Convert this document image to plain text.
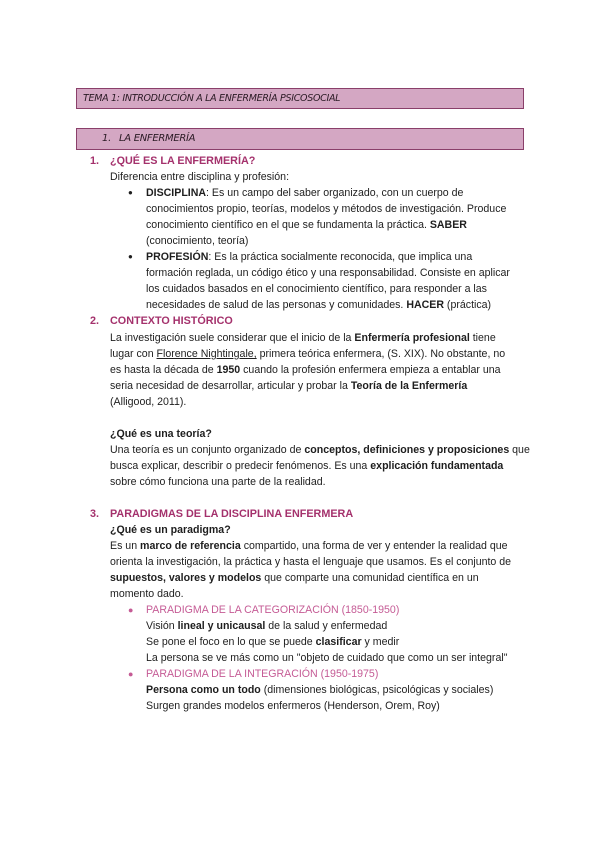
TEMA 1: INTRODUCCIÓN A LA ENFERMERÍA PSICOSOCIAL
1. LA ENFERMERÍA
1. ¿QUÉ ES LA ENFERMERÍA?
Diferencia entre disciplina y profesión:
● DISCIPLINA: Es un campo del saber organizado, con un cuerpo de
conocimientos propio, teorías, modelos y métodos de investigación. Produce
conocimiento científico en el que se fundamenta la práctica. SABER
(conocimiento, teoría)
● PROFESIÓN: Es la práctica socialmente reconocida, que implica una
formación reglada, un código ético y una responsabilidad. Consiste en aplicar
los cuidados basados en el conocimiento científico, para responder a las
necesidades de salud de las personas y comunidades. HACER (práctica)
2. CONTEXTO HISTÓRICO
La investigación suele considerar que el inicio de la Enfermería profesional tiene
lugar con Florence Nightingale, primera teórica enfermera, (S. XIX). No obstante, no
es hasta la década de 1950 cuando la profesión enfermera empieza a entablar una
seria necesidad de desarrollar, articular y probar la Teoría de la Enfermería
(Alligood, 2011).
¿Qué es una teoría?
Una teoría es un conjunto organizado de conceptos, definiciones y proposiciones que
busca explicar, describir o predecir fenómenos. Es una explicación fundamentada
sobre cómo funciona una parte de la realidad.
3. PARADIGMAS DE LA DISCIPLINA ENFERMERA
¿Qué es un paradigma?
Es un marco de referencia compartido, una forma de ver y entender la realidad que
orienta la investigación, la práctica y hasta el lenguaje que usamos. Es el conjunto de
supuestos, valores y modelos que comparte una comunidad científica en un
momento dado.
● PARADIGMA DE LA CATEGORIZACIÓN (1850-1950)
Visión lineal y unicausal de la salud y enfermedad
Se pone el foco en lo que se puede clasificar y medir
La persona se ve más como un "objeto de cuidado que como un ser integral"
● PARADIGMA DE LA INTEGRACIÓN (1950-1975)
Persona como un todo (dimensiones biológicas, psicológicas y sociales)
Surgen grandes modelos enfermeros (Henderson, Orem, Roy)
